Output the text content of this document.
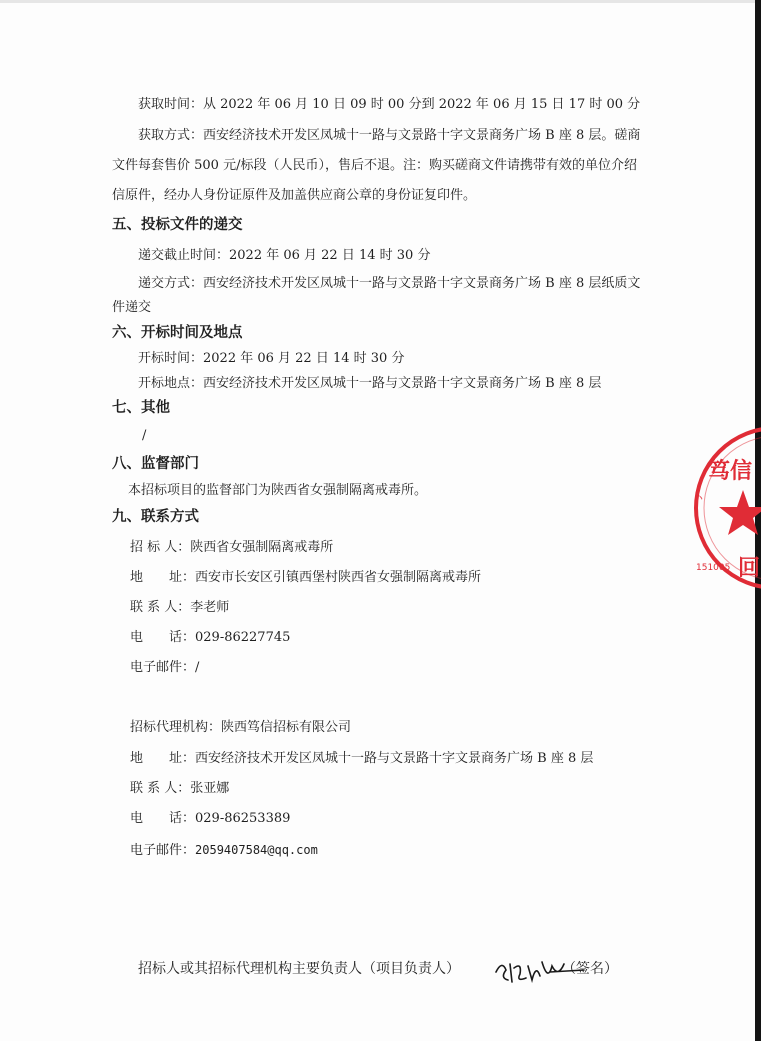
获取时间：从 2022 年 06 月 10 日 09 时 00 分到 2022 年 06 月 15 日 17 时 00 分
获取方式：西安经济技术开发区凤城十一路与文景路十字文景商务广场 B 座 8 层。磋商
文件每套售价 500 元/标段（人民币），售后不退。注：购买磋商文件请携带有效的单位介绍
信原件，经办人身份证原件及加盖供应商公章的身份证复印件。
五、投标文件的递交
递交截止时间：2022 年 06 月 22 日 14 时 30 分
递交方式：西安经济技术开发区凤城十一路与文景路十字文景商务广场 B 座 8 层纸质文
件递交
六、开标时间及地点
开标时间：2022 年 06 月 22 日 14 时 30 分
开标地点：西安经济技术开发区凤城十一路与文景路十字文景商务广场 B 座 8 层
七、其他
/
八、监督部门
本招标项目的监督部门为陕西省女强制隔离戒毒所。
九、联系方式
招 标 人：陕西省女强制隔离戒毒所
地　　址：西安市长安区引镇西堡村陕西省女强制隔离戒毒所
联 系 人：李老师
电　　话：029-86227745
电子邮件：/
招标代理机构：陕西笃信招标有限公司
地　　址：西安经济技术开发区凤城十一路与文景路十字文景商务广场 B 座 8 层
联 系 人：张亚娜
电　　话：029-86253389
电子邮件：2059407584@qq.com
招标人或其招标代理机构主要负责人（项目负责人）	（签名）
笃信
151005 回
丶
